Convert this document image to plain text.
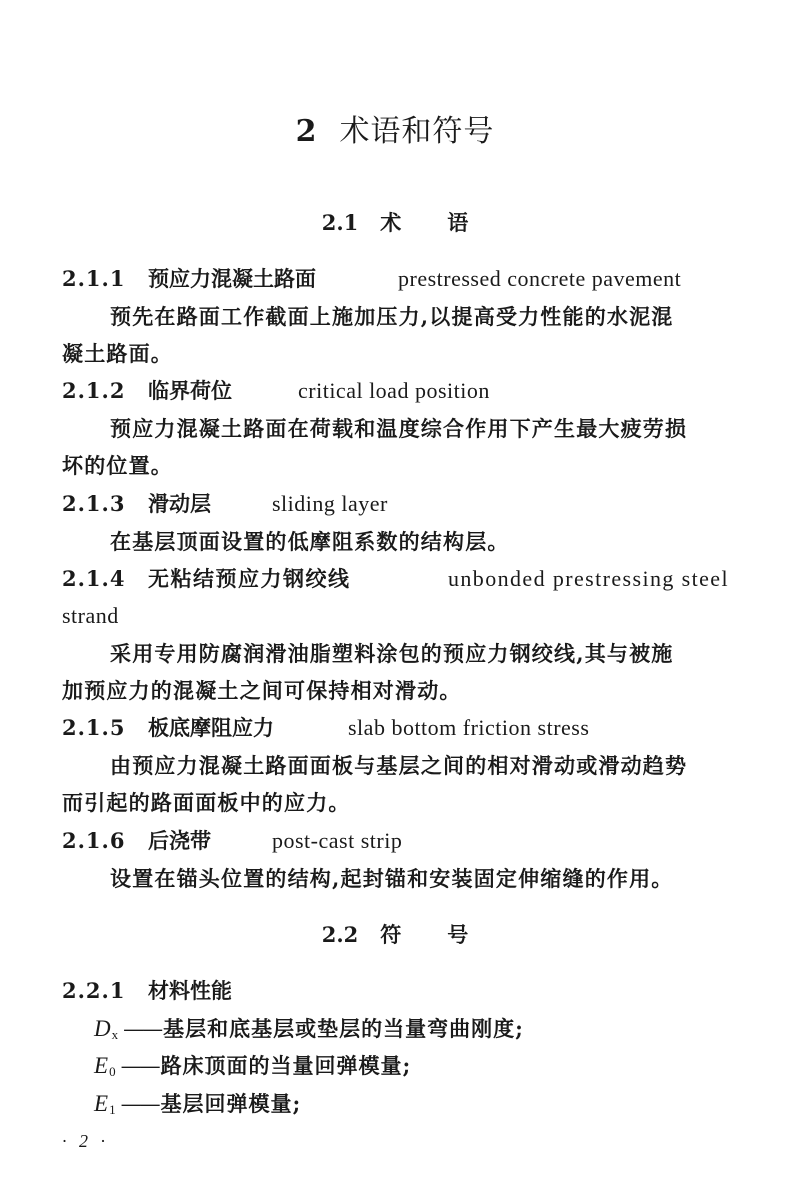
2 术语和符号
2.1 术 语
2.1.1 预应力混凝土路面	prestressed concrete pavement
预先在路面工作截面上施加压力,以提高受力性能的水泥混
凝土路面。
2.1.2 临界荷位	critical load position
预应力混凝土路面在荷载和温度综合作用下产生最大疲劳损
坏的位置。
2.1.3 滑动层	sliding layer
在基层顶面设置的低摩阻系数的结构层。
2.1.4 无粘结预应力钢绞线	unbonded prestressing steel
strand
采用专用防腐润滑油脂塑料涂包的预应力钢绞线,其与被施
加预应力的混凝土之间可保持相对滑动。
2.1.5 板底摩阻应力	slab bottom friction stress
由预应力混凝土路面面板与基层之间的相对滑动或滑动趋势
而引起的路面面板中的应力。
2.1.6 后浇带	post-cast strip
设置在锚头位置的结构,起封锚和安装固定伸缩缝的作用。
2.2 符 号
2.2.1 材料性能
$D_x$ ——基层和底基层或垫层的当量弯曲刚度;
$E_0$ ——路床顶面的当量回弹模量;
$E_1$ ——基层回弹模量;
· 2 ·
